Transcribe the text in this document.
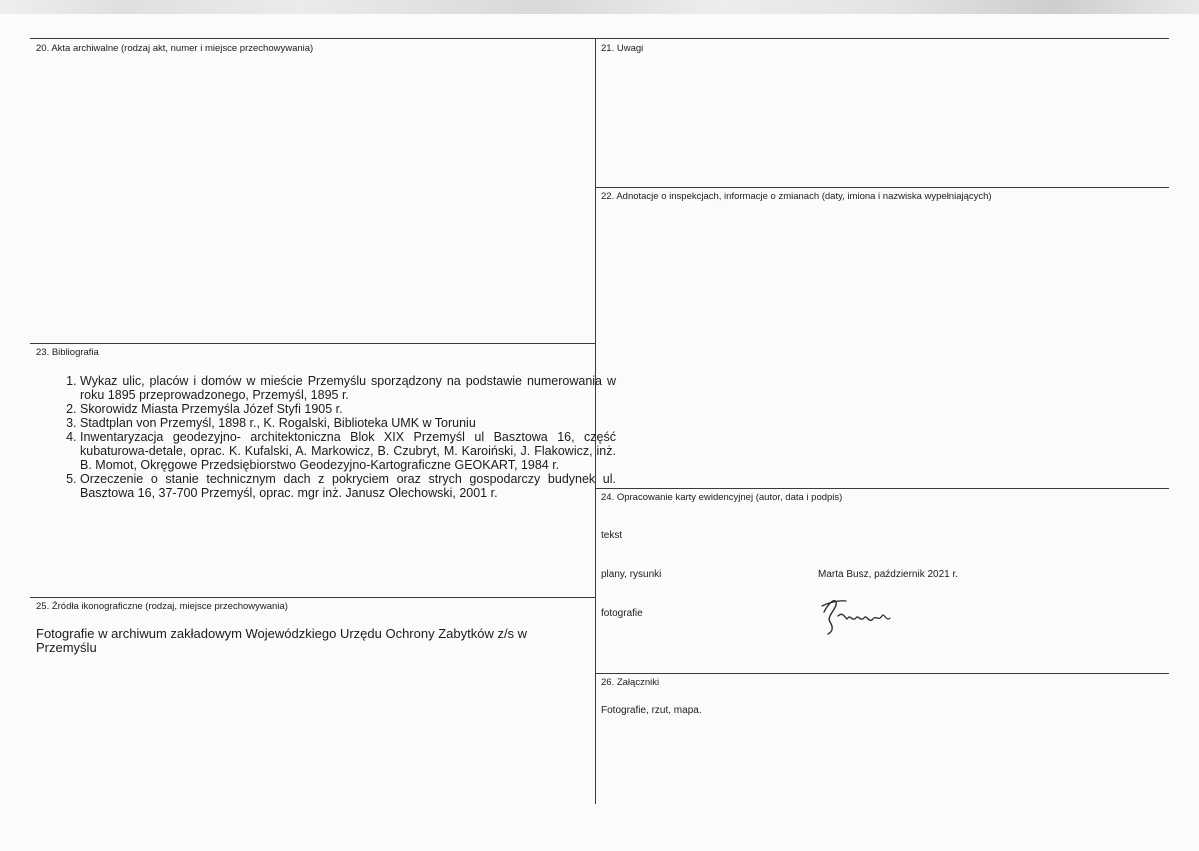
20. Akta archiwalne (rodzaj akt, numer i miejsce przechowywania)	21. Uwagi
22. Adnotacje o inspekcjach, informacje o zmianach (daty, imiona i nazwiska wypełniających)
23. Bibliografia
1. Wykaz ulic, placów i domów w mieście Przemyślu sporządzony na podstawie numerowania w roku 1895 przeprowadzonego, Przemyśl, 1895 r.
2. Skorowidz Miasta Przemyśla Józef Styfi 1905 r.
3. Stadtplan von Przemyśl, 1898 r., K. Rogalski, Biblioteka UMK w Toruniu
4. Inwentaryzacja geodezyjno- architektoniczna Blok XIX Przemyśl ul Basztowa 16, część kubaturowa-detale, oprac. K. Kufalski, A. Markowicz, B. Czubryt, M. Karoiński, J. Flakowicz, inż. B. Momot, Okręgowe Przedsiębiorstwo Geodezyjno-Kartograficzne GEOKART, 1984 r.
5. Orzeczenie o stanie technicznym dach z pokryciem oraz strych gospodarczy budynek ul. Basztowa 16, 37-700 Przemyśl, oprac. mgr inż. Janusz Olechowski, 2001 r.	24. Opracowanie karty ewidencyjnej (autor, data i podpis)
tekst
plany, rysunki	Marta Busz, październik 2021 r.
fotografie
25. Źródła ikonograficzne (rodzaj, miejsce przechowywania)
Fotografie w archiwum zakładowym Wojewódzkiego Urzędu Ochrony Zabytków z/s w Przemyślu
26. Załączniki
Fotografie, rzut, mapa.
